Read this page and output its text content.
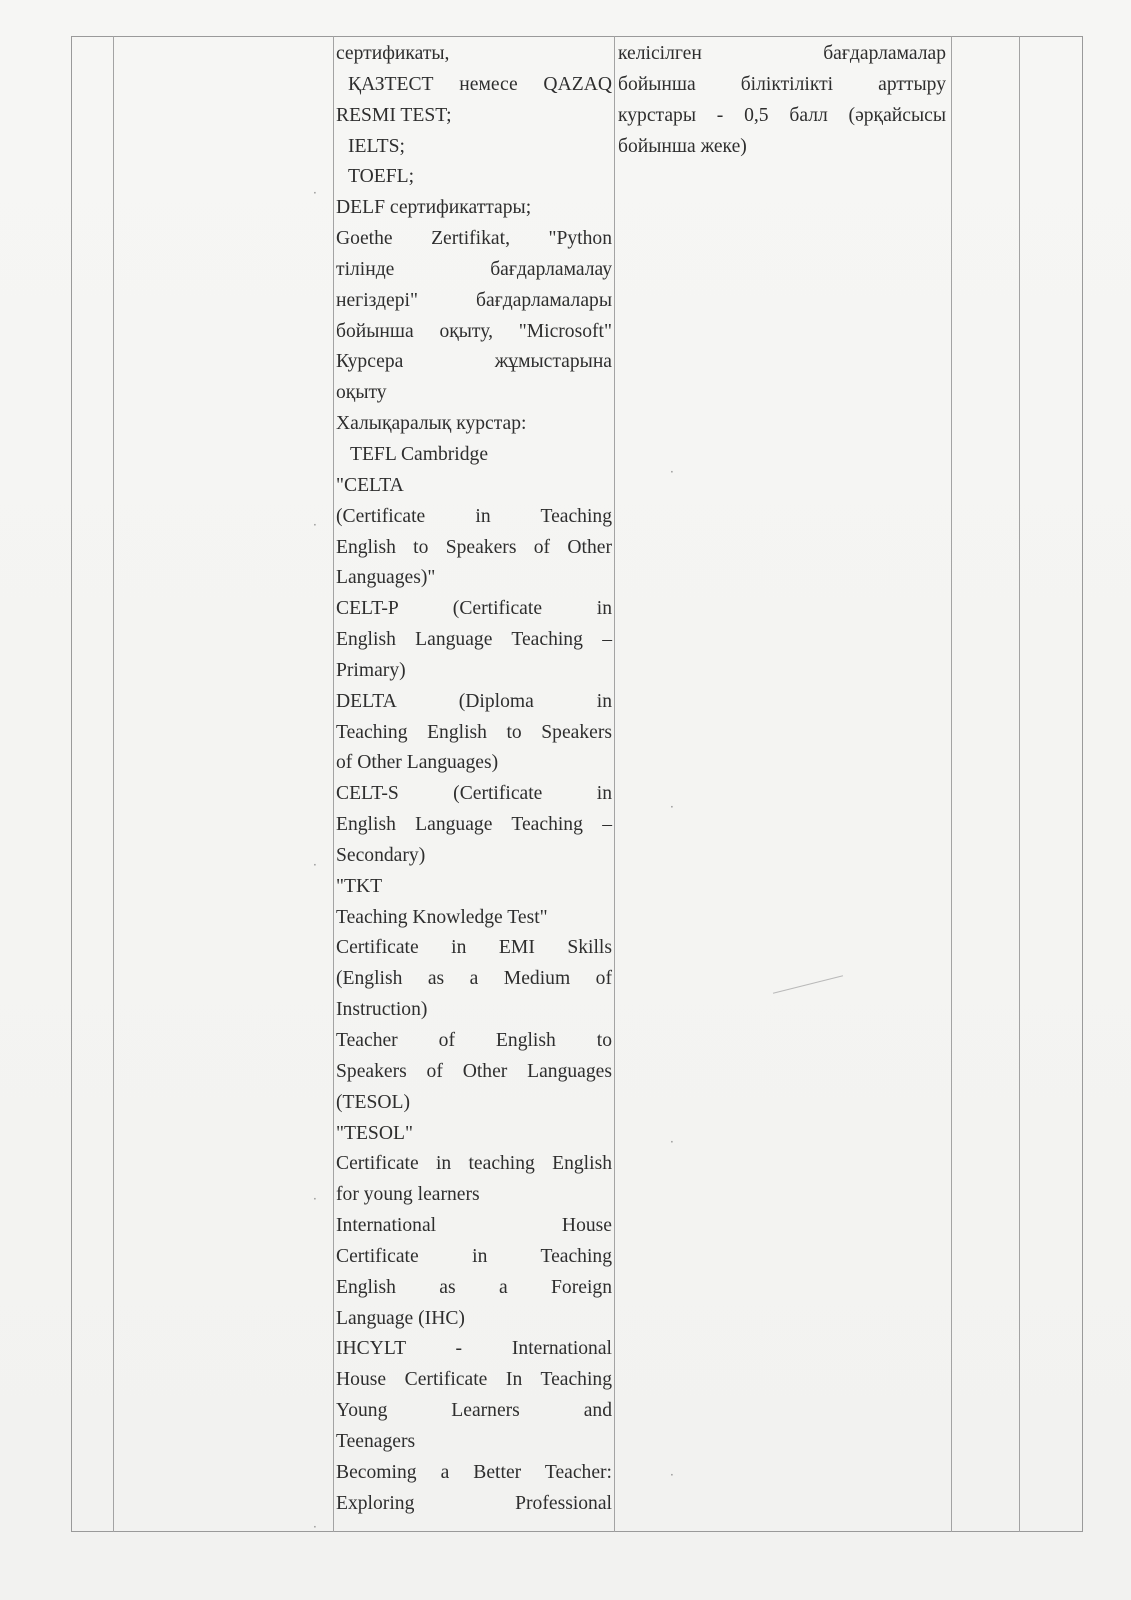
сертификаты,
ҚАЗТЕСТ немесе QAZAQ
RESMI TEST;
IELTS;
TOEFL;
DELF сертификаттары;
Goethe Zertifikat, "Python
тілінде бағдарламалау
негіздері" бағдарламалары
бойынша оқыту, "Microsoft"
Курсера жұмыстарына
оқыту
Халықаралық курстар:
TEFL Cambridge
"CELTA
(Certificate in Teaching
English to Speakers of Other
Languages)"
CELT-P (Certificate in
English Language Teaching –
Primary)
DELTA (Diploma in
Teaching English to Speakers
of Other Languages)
CELT-S (Certificate in
English Language Teaching –
Secondary)
"TKT
Teaching Knowledge Test"
Certificate in EMI Skills
(English as a Medium of
Instruction)
Teacher of English to
Speakers of Other Languages
(TESOL)
"TESOL"
Certificate in teaching English
for young learners
International House
Certificate in Teaching
English as a Foreign
Language (IHC)
IHCYLT - International
House Certificate In Teaching
Young Learners and
Teenagers
Becoming a Better Teacher:
Exploring Professional
келісілген бағдарламалар
бойынша біліктілікті арттыру
курстары - 0,5 балл (әрқайсысы
бойынша жеке)
·
·
·
·
·
·
·
·
·
